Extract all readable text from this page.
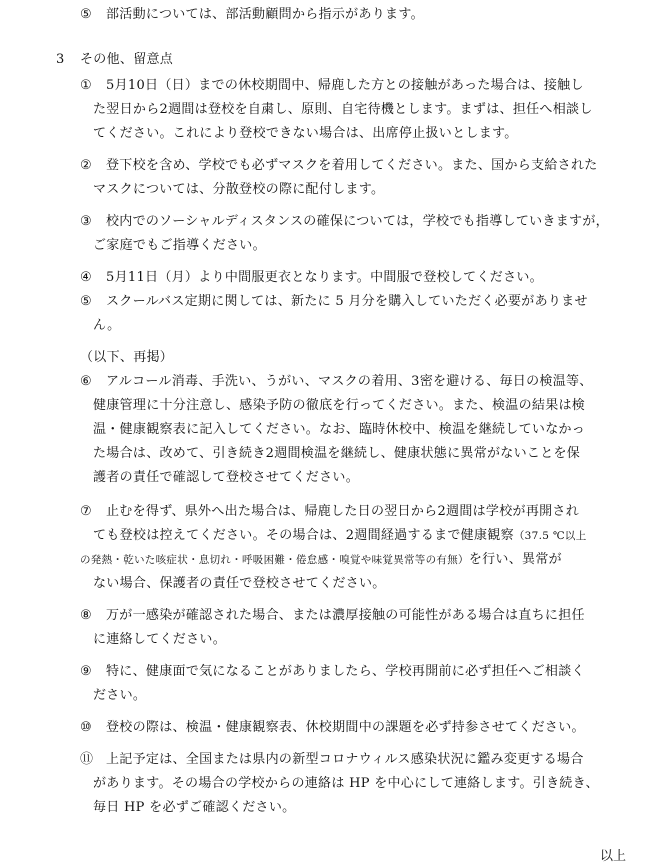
⑤ 部活動については、部活動顧問から指示があります。
3 その他、留意点
① 5月10日（日）までの休校期間中、帰鹿した方との接触があった場合は、接触し
た翌日から2週間は登校を自粛し、原則、自宅待機とします。まずは、担任へ相談し
てください。これにより登校できない場合は、出席停止扱いとします。
② 登下校を含め、学校でも必ずマスクを着用してください。また、国から支給された
マスクについては、分散登校の際に配付します。
③ 校内でのソーシャルディスタンスの確保については，学校でも指導していきますが，
ご家庭でもご指導ください。
④ 5月11日（月）より中間服更衣となります。中間服で登校してください。
⑤ スクールバス定期に関しては、新たに 5 月分を購入していただく必要がありませ
ん。
（以下、再掲）
⑥ アルコール消毒、手洗い、うがい、マスクの着用、3密を避ける、毎日の検温等、
健康管理に十分注意し、感染予防の徹底を行ってください。また、検温の結果は検
温・健康観察表に記入してください。なお、臨時休校中、検温を継続していなかっ
た場合は、改めて、引き続き2週間検温を継続し、健康状態に異常がないことを保
護者の責任で確認して登校させてください。
⑦ 止むを得ず、県外へ出た場合は、帰鹿した日の翌日から2週間は学校が再開され
ても登校は控えてください。その場合は、2週間経過するまで健康観察（37.5 ℃以上
の発熱・乾いた咳症状・息切れ・呼吸困難・倦怠感・嗅覚や味覚異常等の有無）を行い、異常が
ない場合、保護者の責任で登校させてください。
⑧ 万が一感染が確認された場合、または濃厚接触の可能性がある場合は直ちに担任
に連絡してください。
⑨ 特に、健康面で気になることがありましたら、学校再開前に必ず担任へご相談く
ださい。
⑩ 登校の際は、検温・健康観察表、休校期間中の課題を必ず持参させてください。
⑪ 上記予定は、全国または県内の新型コロナウィルス感染状況に鑑み変更する場合
があります。その場合の学校からの連絡は HP を中心にして連絡します。引き続き、
毎日 HP を必ずご確認ください。
以上
